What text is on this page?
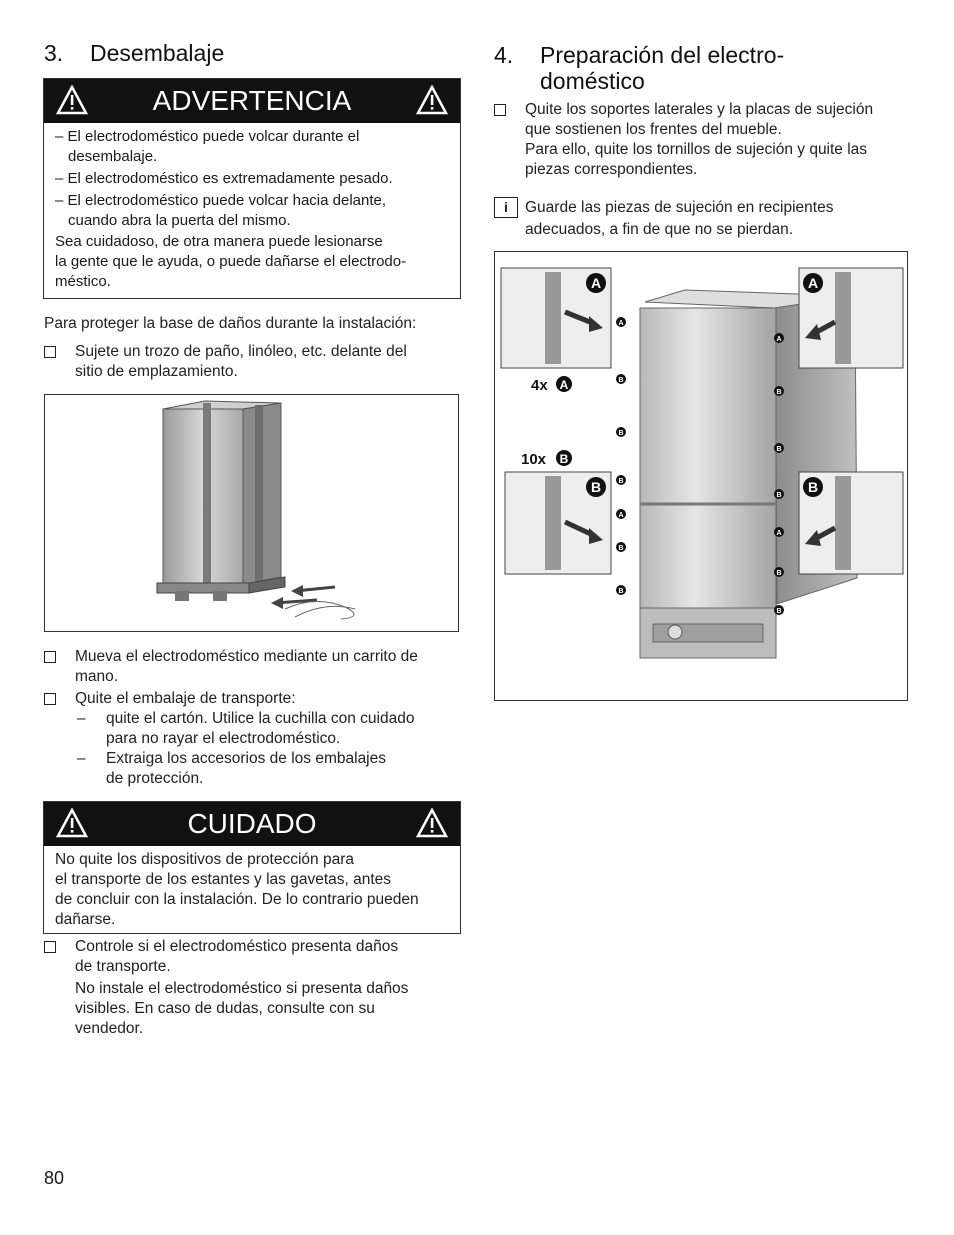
3. Desembalaje
ADVERTENCIA
– El electrodoméstico puede volcar durante el
desembalaje.
– El electrodoméstico es extremadamente pesado.
– El electrodoméstico puede volcar hacia delante,
cuando abra la puerta del mismo.
Sea cuidadoso, de otra manera puede lesionarse
la gente que le ayuda, o puede dañarse el electrodo-
méstico.
Para proteger la base de daños durante la instalación:
Sujete un trozo de paño, linóleo, etc. delante del
sitio de emplazamiento.
Mueva el electrodoméstico mediante un carrito de
mano.
Quite el embalaje de transporte:
– quite el cartón. Utilice la cuchilla con cuidado
para no rayar el electrodoméstico.
– Extraiga los accesorios de los embalajes
de protección.
CUIDADO
No quite los dispositivos de protección para
el transporte de los estantes y las gavetas, antes
de concluir con la instalación. De lo contrario pueden
dañarse.
Controle si el electrodoméstico presenta daños
de transporte.
No instale el electrodoméstico si presenta daños
visibles. En caso de dudas, consulte con su
vendedor.
80
4. Preparación del electro-
doméstico
Quite los soportes laterales y la placas de sujeción
que sostienen los frentes del mueble.
Para ello, quite los tornillos de sujeción y quite las
piezas correspondientes.
i	Guarde las piezas de sujeción en recipientes
adecuados, a fin de que no se pierdan.
A
A
B
B
B
B
B
B
A
A
B
B
B
B
A	A
B	B
4x A
10x B
